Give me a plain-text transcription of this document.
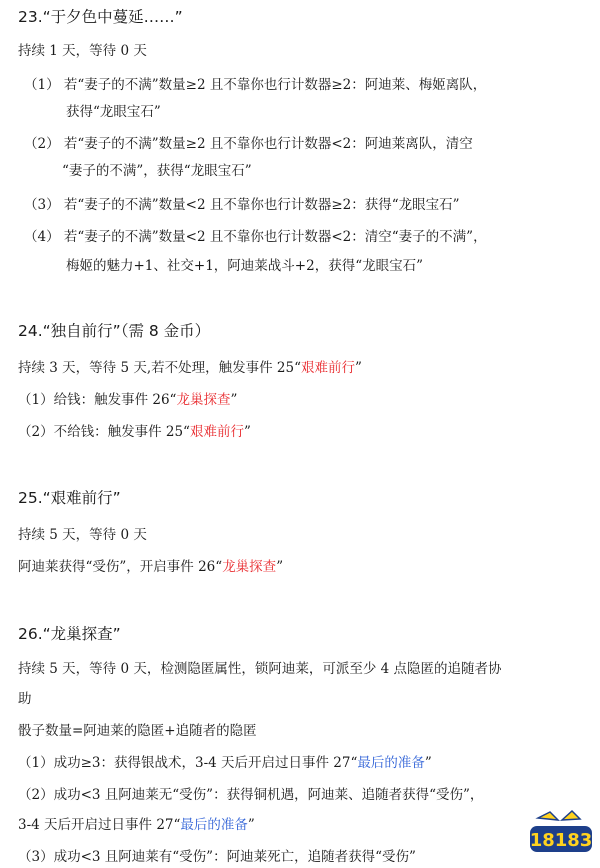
23.“于夕色中蔓延……”
持续 1 天，等待 0 天
（1） 若“妻子的不满”数量≥2 且不靠你也行计数器≥2：阿迪莱、梅姬离队，
获得“龙眼宝石”
（2） 若“妻子的不满”数量≥2 且不靠你也行计数器<2：阿迪莱离队，清空
“妻子的不满”，获得“龙眼宝石”
（3） 若“妻子的不满”数量<2 且不靠你也行计数器≥2：获得“龙眼宝石”
（4） 若“妻子的不满”数量<2 且不靠你也行计数器<2：清空“妻子的不满”，
梅姬的魅力+1、社交+1，阿迪莱战斗+2，获得“龙眼宝石”
24.“独自前行”（需 8 金币）
持续 3 天，等待 5 天,若不处理，触发事件 25“艰难前行”
（1）给钱：触发事件 26“龙巢探查”
（2）不给钱：触发事件 25“艰难前行”
25.“艰难前行”
持续 5 天，等待 0 天
阿迪莱获得“受伤”，开启事件 26“龙巢探查”
26.“龙巢探查”
持续 5 天，等待 0 天，检测隐匿属性，锁阿迪莱，可派至少 4 点隐匿的追随者协
助
骰子数量=阿迪莱的隐匿+追随者的隐匿
（1）成功≥3：获得银战术，3-4 天后开启过日事件 27“最后的准备”
（2）成功<3 且阿迪莱无“受伤”：获得铜机遇，阿迪莱、追随者获得“受伤”，
3-4 天后开启过日事件 27“最后的准备”
（3）成功<3 且阿迪莱有“受伤”：阿迪莱死亡，追随者获得“受伤”
18183
